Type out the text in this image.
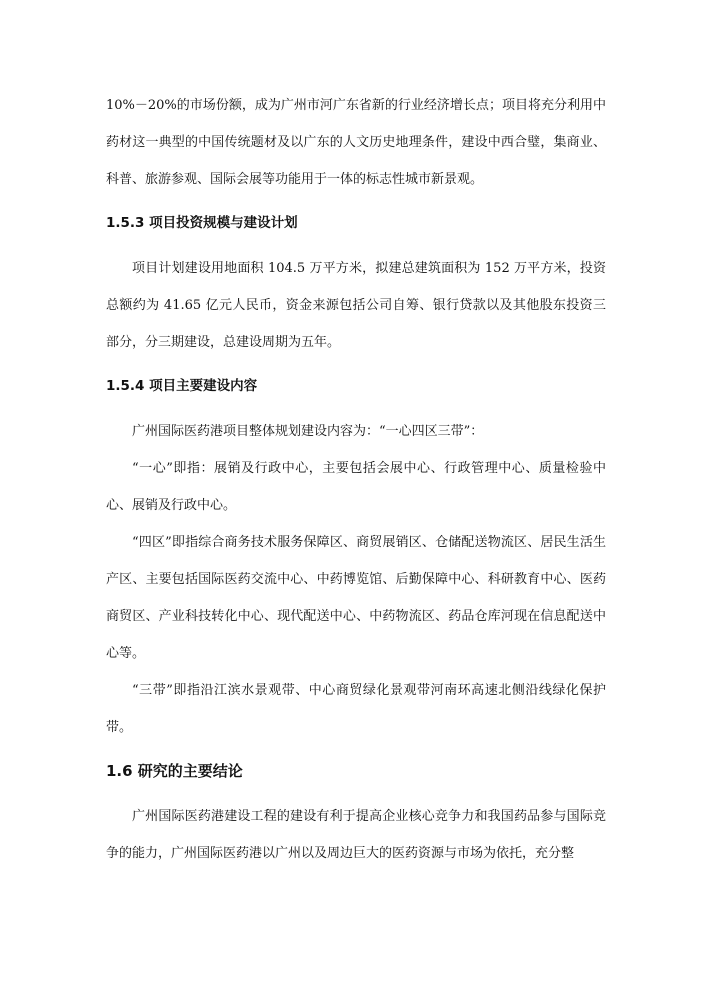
10%－20%的市场份额，成为广州市河广东省新的行业经济增长点；项目将充分利用中药材这一典型的中国传统题材及以广东的人文历史地理条件，建设中西合璧，集商业、科普、旅游参观、国际会展等功能用于一体的标志性城市新景观。

1.5.3 项目投资规模与建设计划

项目计划建设用地面积 104.5 万平方米，拟建总建筑面积为 152 万平方米，投资总额约为 41.65 亿元人民币，资金来源包括公司自筹、银行贷款以及其他股东投资三部分，分三期建设，总建设周期为五年。

1.5.4 项目主要建设内容

广州国际医药港项目整体规划建设内容为：“一心四区三带”：

“一心”即指：展销及行政中心，主要包括会展中心、行政管理中心、质量检验中心、展销及行政中心。

“四区”即指综合商务技术服务保障区、商贸展销区、仓储配送物流区、居民生活生产区、主要包括国际医药交流中心、中药博览馆、后勤保障中心、科研教育中心、医药商贸区、产业科技转化中心、现代配送中心、中药物流区、药品仓库河现在信息配送中心等。

“三带”即指沿江滨水景观带、中心商贸绿化景观带河南环高速北侧沿线绿化保护带。

1.6 研究的主要结论

广州国际医药港建设工程的建设有利于提高企业核心竞争力和我国药品参与国际竞争的能力，广州国际医药港以广州以及周边巨大的医药资源与市场为依托，充分整
